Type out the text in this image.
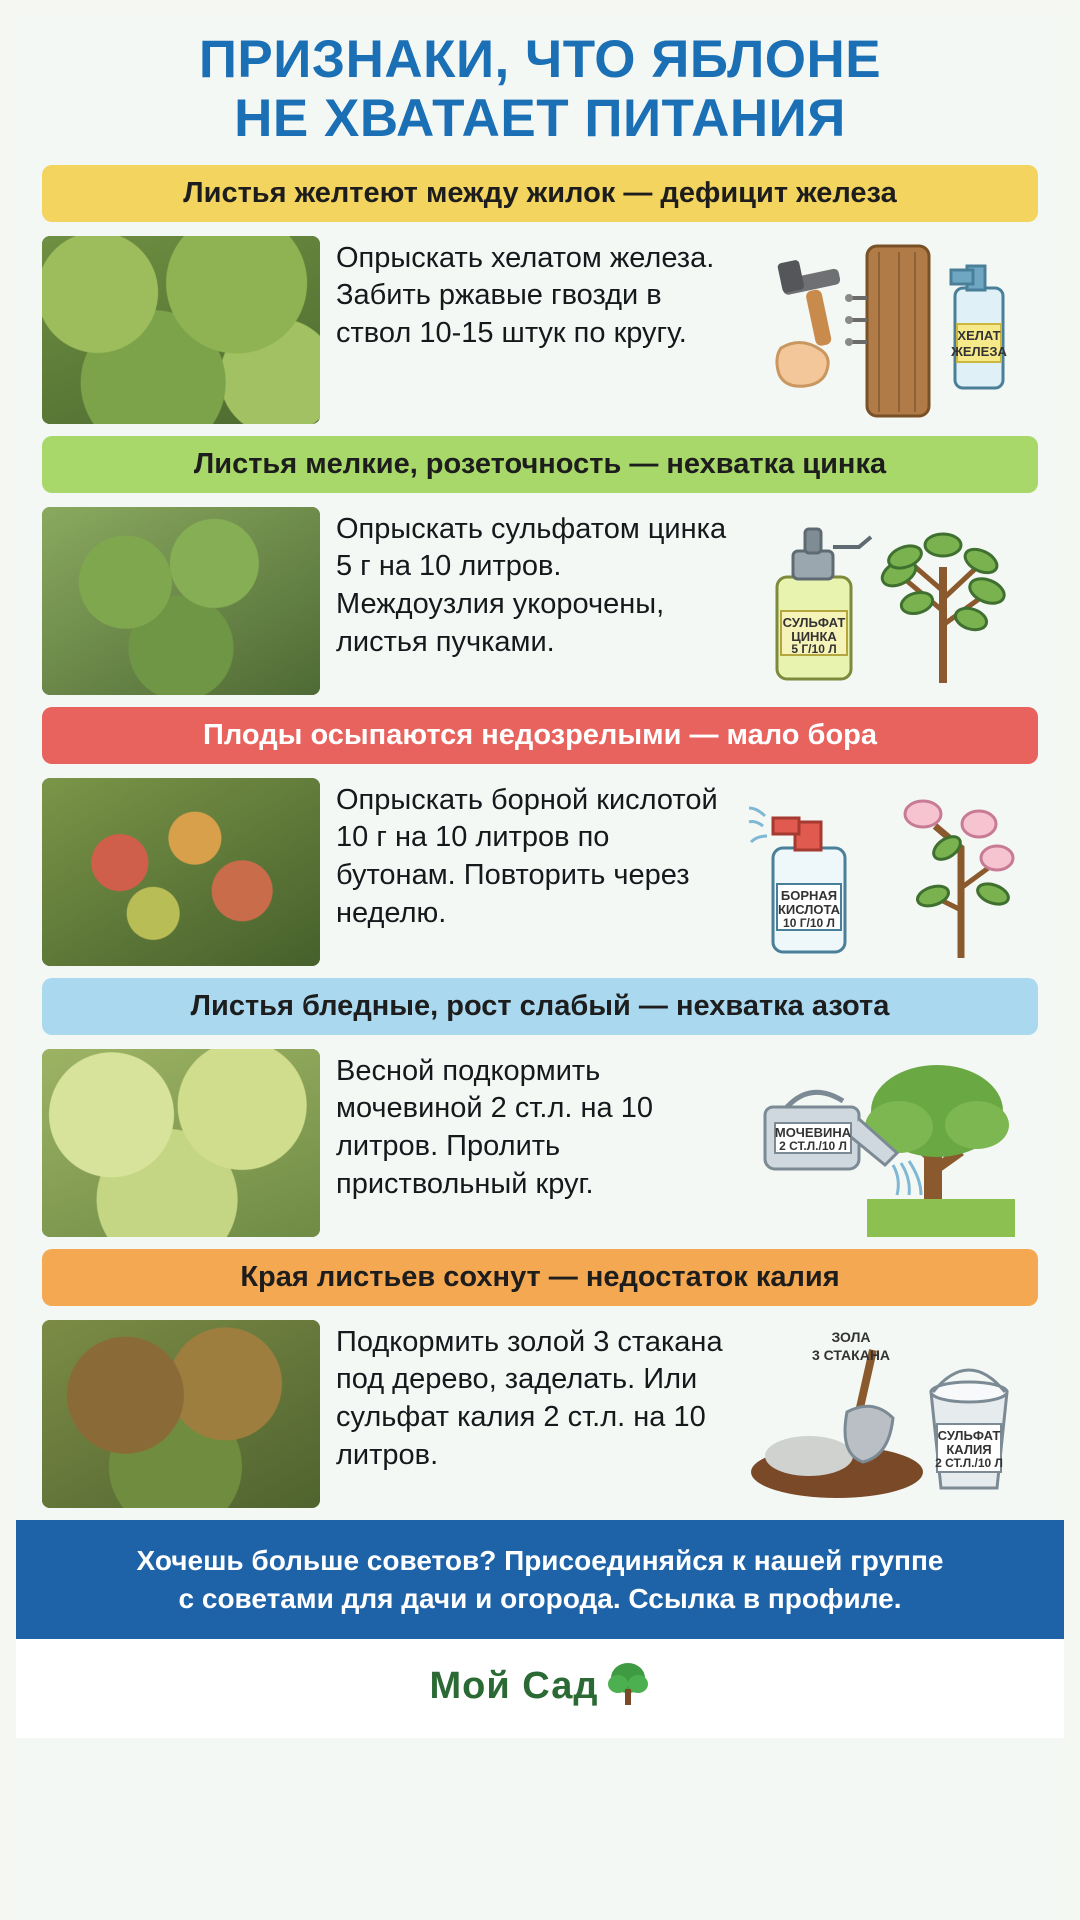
ПРИЗНАКИ, ЧТО ЯБЛОНЕ
НЕ ХВАТАЕТ ПИТАНИЯ
Листья желтеют между жилок — дефицит железа
Опрыскать хелатом железа. Забить ржавые гвозди в ствол 10-15 штук по кругу.	ХЕЛАТ
ЖЕЛЕЗА
Листья мелкие, розеточность — нехватка цинка
Опрыскать сульфатом цинка 5 г на 10 литров. Междоузлия укорочены, листья пучками.
СУЛЬФАТ
ЦИНКА
5 Г/10 Л
Плоды осыпаются недозрелыми — мало бора
Опрыскать борной кислотой 10 г на 10 литров по бутонам. Повторить через неделю.
БОРНАЯ
КИСЛОТА
10 Г/10 Л
Листья бледные, рост слабый — нехватка азота
Весной подкормить мочевиной 2 ст.л. на 10 литров. Пролить приствольный круг.
МОЧЕВИНА
2 СТ.Л./10 Л
Края листьев сохнут — недостаток калия
Подкормить золой 3 стакана под дерево, заделать. Или сульфат калия 2 ст.л. на 10 литров.
ЗОЛА
3 СТАКАНА
СУЛЬФАТ
КАЛИЯ
2 СТ.Л./10 Л
Хочешь больше советов? Присоединяйся к нашей группе
с советами для дачи и огорода. Ссылка в профиле.
Мой Сад
